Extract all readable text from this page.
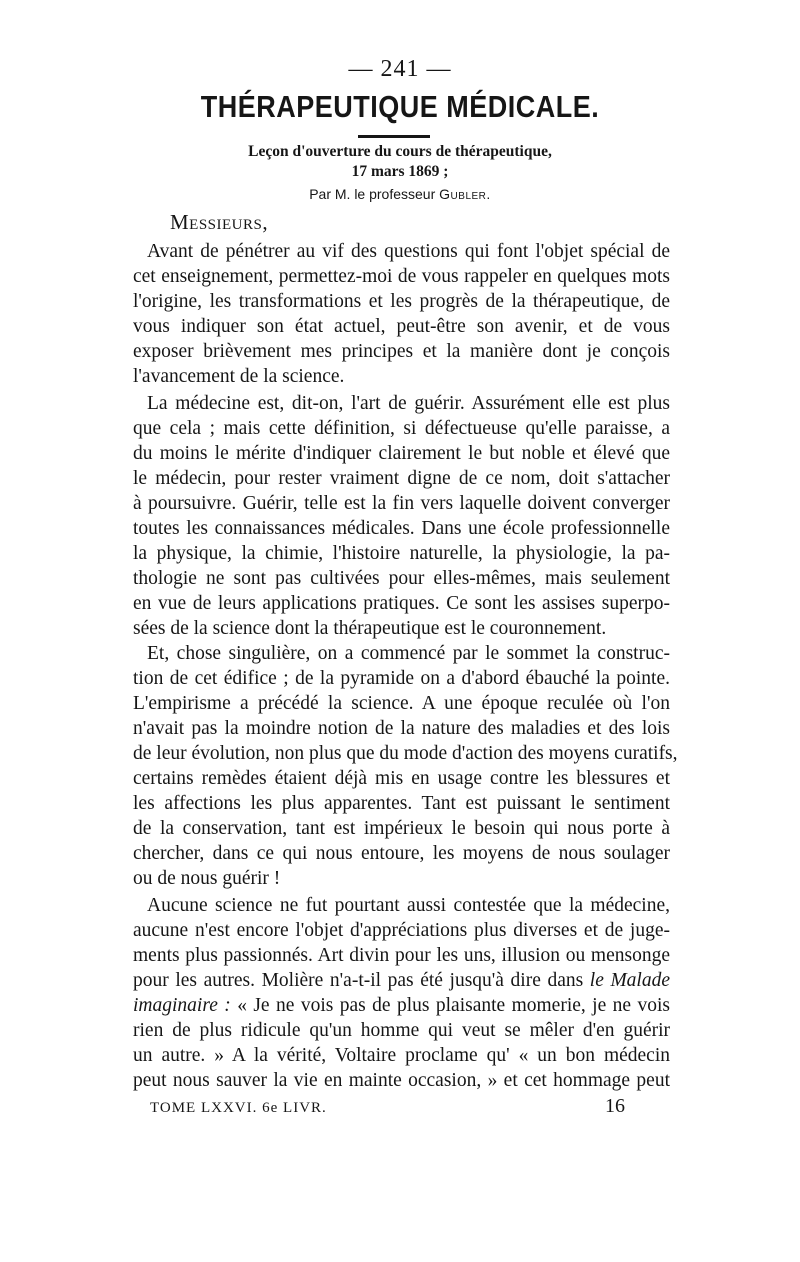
— 241 —
THÉRAPEUTIQUE MÉDICALE.
Leçon d'ouverture du cours de thérapeutique,
17 mars 1869 ;
Par M. le professeur Gubler.
Messieurs,
Avant de pénétrer au vif des questions qui font l'objet spécial de
cet enseignement, permettez-moi de vous rappeler en quelques mots
l'origine, les transformations et les progrès de la thérapeutique, de
vous indiquer son état actuel, peut-être son avenir, et de vous
exposer brièvement mes principes et la manière dont je conçois
l'avancement de la science.
La médecine est, dit-on, l'art de guérir. Assurément elle est plus
que cela ; mais cette définition, si défectueuse qu'elle paraisse, a
du moins le mérite d'indiquer clairement le but noble et élevé que
le médecin, pour rester vraiment digne de ce nom, doit s'attacher
à poursuivre. Guérir, telle est la fin vers laquelle doivent converger
toutes les connaissances médicales. Dans une école professionnelle
la physique, la chimie, l'histoire naturelle, la physiologie, la pa-
thologie ne sont pas cultivées pour elles-mêmes, mais seulement
en vue de leurs applications pratiques. Ce sont les assises superpo-
sées de la science dont la thérapeutique est le couronnement.
Et, chose singulière, on a commencé par le sommet la construc-
tion de cet édifice ; de la pyramide on a d'abord ébauché la pointe.
L'empirisme a précédé la science. A une époque reculée où l'on
n'avait pas la moindre notion de la nature des maladies et des lois
de leur évolution, non plus que du mode d'action des moyens curatifs,
certains remèdes étaient déjà mis en usage contre les blessures et
les affections les plus apparentes. Tant est puissant le sentiment
de la conservation, tant est impérieux le besoin qui nous porte à
chercher, dans ce qui nous entoure, les moyens de nous soulager
ou de nous guérir !
Aucune science ne fut pourtant aussi contestée que la médecine,
aucune n'est encore l'objet d'appréciations plus diverses et de juge-
ments plus passionnés. Art divin pour les uns, illusion ou mensonge
pour les autres. Molière n'a-t-il pas été jusqu'à dire dans le Malade
imaginaire : « Je ne vois pas de plus plaisante momerie, je ne vois
rien de plus ridicule qu'un homme qui veut se mêler d'en guérir
un autre. » A la vérité, Voltaire proclame qu' « un bon médecin
peut nous sauver la vie en mainte occasion, » et cet hommage peut
TOME LXXVI. 6e LIVR.	16
